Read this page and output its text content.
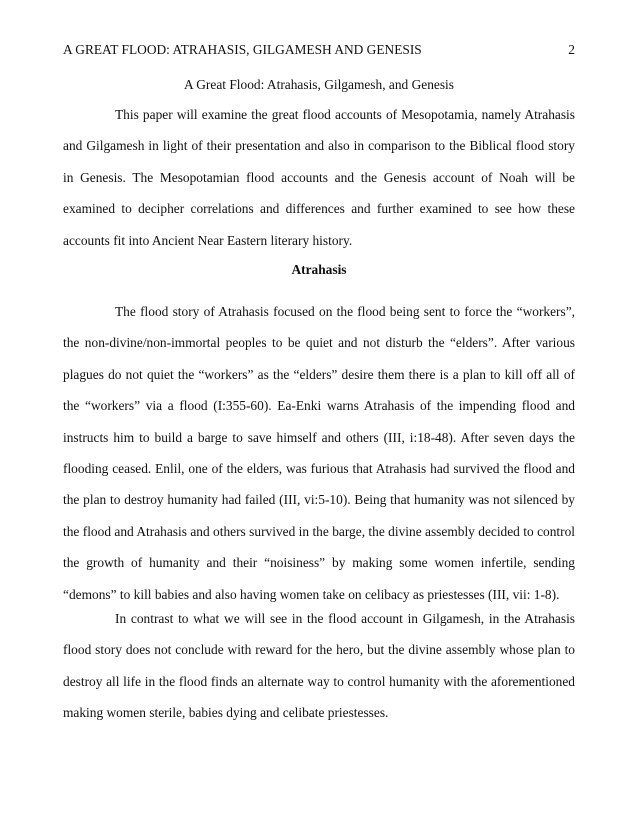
A GREAT FLOOD: ATRAHASIS, GILGAMESH AND GENESIS	2
A Great Flood: Atrahasis, Gilgamesh, and Genesis

This paper will examine the great flood accounts of Mesopotamia, namely Atrahasis and Gilgamesh in light of their presentation and also in comparison to the Biblical flood story in Genesis. The Mesopotamian flood accounts and the Genesis account of Noah will be examined to decipher correlations and differences and further examined to see how these accounts fit into Ancient Near Eastern literary history.

Atrahasis

The flood story of Atrahasis focused on the flood being sent to force the “workers”, the non-divine/non-immortal peoples to be quiet and not disturb the “elders”. After various plagues do not quiet the “workers” as the “elders” desire them there is a plan to kill off all of the “workers” via a flood (I:355-60). Ea-Enki warns Atrahasis of the impending flood and instructs him to build a barge to save himself and others (III, i:18-48). After seven days the flooding ceased. Enlil, one of the elders, was furious that Atrahasis had survived the flood and the plan to destroy humanity had failed (III, vi:5-10). Being that humanity was not silenced by the flood and Atrahasis and others survived in the barge, the divine assembly decided to control the growth of humanity and their “noisiness” by making some women infertile, sending “demons” to kill babies and also having women take on celibacy as priestesses (III, vii: 1-8).

In contrast to what we will see in the flood account in Gilgamesh, in the Atrahasis flood story does not conclude with reward for the hero, but the divine assembly whose plan to destroy all life in the flood finds an alternate way to control humanity with the aforementioned making women sterile, babies dying and celibate priestesses.
